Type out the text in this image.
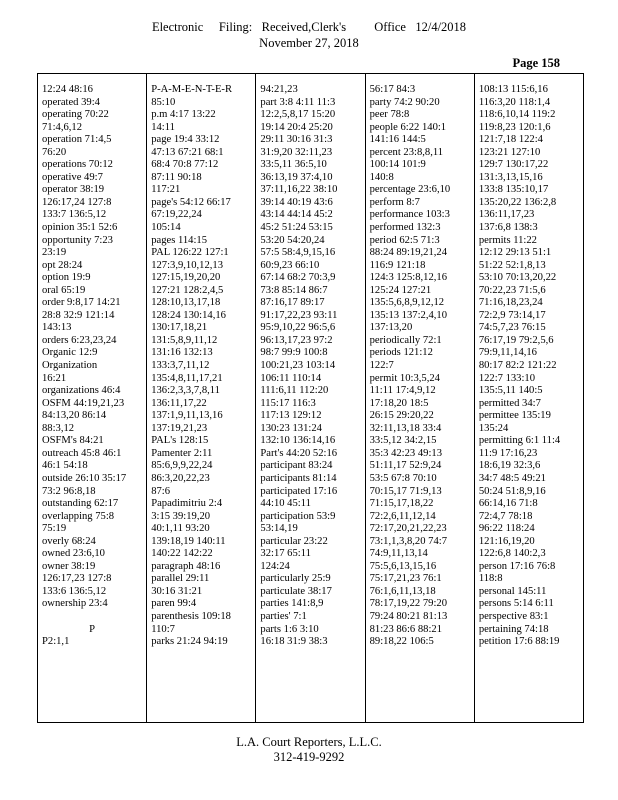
Electronic     Filing:   Received,Clerk's         Office   12/4/2018
November 27, 2018
Page 158
12:24 48:16
operated 39:4
operating 70:22
71:4,6,12
operation 71:4,5
76:20
operations 70:12
operative 49:7
operator 38:19
126:17,24 127:8
133:7 136:5,12
opinion 35:1 52:6
opportunity 7:23
23:19
opt 28:24
option 19:9
oral 65:19
order 9:8,17 14:21
28:8 32:9 121:14
143:13
orders 6:23,23,24
Organic 12:9
Organization
16:21
organizations 46:4
OSFM 44:19,21,23
84:13,20 86:14
88:3,12
OSFM's 84:21
outreach 45:8 46:1
46:1 54:18
outside 26:10 35:17
73:2 96:8,18
outstanding 62:17
overlapping 75:8
75:19
overly 68:24
owned 23:6,10
owner 38:19
126:17,23 127:8
133:6 136:5,12
ownership 23:4
P
P2:1,1
P-A-M-E-N-T-E-R
85:10
p.m 4:17 13:22
14:11
page 19:4 33:12
47:13 67:21 68:1
68:4 70:8 77:12
87:11 90:18
117:21
page's 54:12 66:17
67:19,22,24
105:14
pages 114:15
PAL 126:22 127:1
127:3,9,10,12,13
127:15,19,20,20
127:21 128:2,4,5
128:10,13,17,18
128:24 130:14,16
130:17,18,21
131:5,8,9,11,12
131:16 132:13
133:3,7,11,12
135:4,8,11,17,21
136:2,3,3,7,8,11
136:11,17,22
137:1,9,11,13,16
137:19,21,23
PAL's 128:15
Pamenter 2:11
85:6,9,9,22,24
86:3,20,22,23
87:6
Papadimitriu 2:4
3:15 39:19,20
40:1,11 93:20
139:18,19 140:11
140:22 142:22
paragraph 48:16
parallel 29:11
30:16 31:21
paren 99:4
parenthesis 109:18
110:7
parks 21:24 94:19
94:21,23
part 3:8 4:11 11:3
12:2,5,8,17 15:20
19:14 20:4 25:20
29:11 30:16 31:3
31:9,20 32:11,23
33:5,11 36:5,10
36:13,19 37:4,10
37:11,16,22 38:10
39:14 40:19 43:6
43:14 44:14 45:2
45:2 51:24 53:15
53:20 54:20,24
57:5 58:4,9,15,16
60:9,23 66:10
67:14 68:2 70:3,9
73:8 85:14 86:7
87:16,17 89:17
91:17,22,23 93:11
95:9,10,22 96:5,6
96:13,17,23 97:2
98:7 99:9 100:8
100:21,23 103:14
106:11 110:14
111:6,11 112:20
115:17 116:3
117:13 129:12
130:23 131:24
132:10 136:14,16
Part's 44:20 52:16
participant 83:24
participants 81:14
participated 17:16
44:10 45:11
participation 53:9
53:14,19
particular 23:22
32:17 65:11
124:24
particularly 25:9
particulate 38:17
parties 141:8,9
parties' 7:1
parts 1:6 3:10
16:18 31:9 38:3
56:17 84:3
party 74:2 90:20
peer 78:8
people 6:22 140:1
141:16 144:5
percent 23:8,8,11
100:14 101:9
140:8
percentage 23:6,10
perform 8:7
performance 103:3
performed 132:3
period 62:5 71:3
88:24 89:19,21,24
116:9 121:18
124:3 125:8,12,16
125:24 127:21
135:5,6,8,9,12,12
135:13 137:2,4,10
137:13,20
periodically 72:1
periods 121:12
122:7
permit 10:3,5,24
11:11 17:4,9,12
17:18,20 18:5
26:15 29:20,22
32:11,13,18 33:4
33:5,12 34:2,15
35:3 42:23 49:13
51:11,17 52:9,24
53:5 67:8 70:10
70:15,17 71:9,13
71:15,17,18,22
72:2,6,11,12,14
72:17,20,21,22,23
73:1,1,3,8,20 74:7
74:9,11,13,14
75:5,6,13,15,16
75:17,21,23 76:1
76:1,6,11,13,18
78:17,19,22 79:20
79:24 80:21 81:13
81:23 86:6 88:21
89:18,22 106:5
108:13 115:6,16
116:3,20 118:1,4
118:6,10,14 119:2
119:8,23 120:1,6
121:7,18 122:4
123:21 127:10
129:7 130:17,22
131:3,13,15,16
133:8 135:10,17
135:20,22 136:2,8
136:11,17,23
137:6,8 138:3
permits 11:22
12:12 29:13 51:1
51:22 52:1,8,13
53:10 70:13,20,22
70:22,23 71:5,6
71:16,18,23,24
72:2,9 73:14,17
74:5,7,23 76:15
76:17,19 79:2,5,6
79:9,11,14,16
80:17 82:2 121:22
122:7 133:10
135:5,11 140:5
permitted 34:7
permittee 135:19
135:24
permitting 6:1 11:4
11:9 17:16,23
18:6,19 32:3,6
34:7 48:5 49:21
50:24 51:8,9,16
66:14,16 71:8
72:4,7 78:18
96:22 118:24
121:16,19,20
122:6,8 140:2,3
person 17:16 76:8
118:8
personal 145:11
persons 5:14 6:11
perspective 83:1
pertaining 74:18
petition 17:6 88:19
L.A. Court Reporters, L.L.C.
312-419-9292
